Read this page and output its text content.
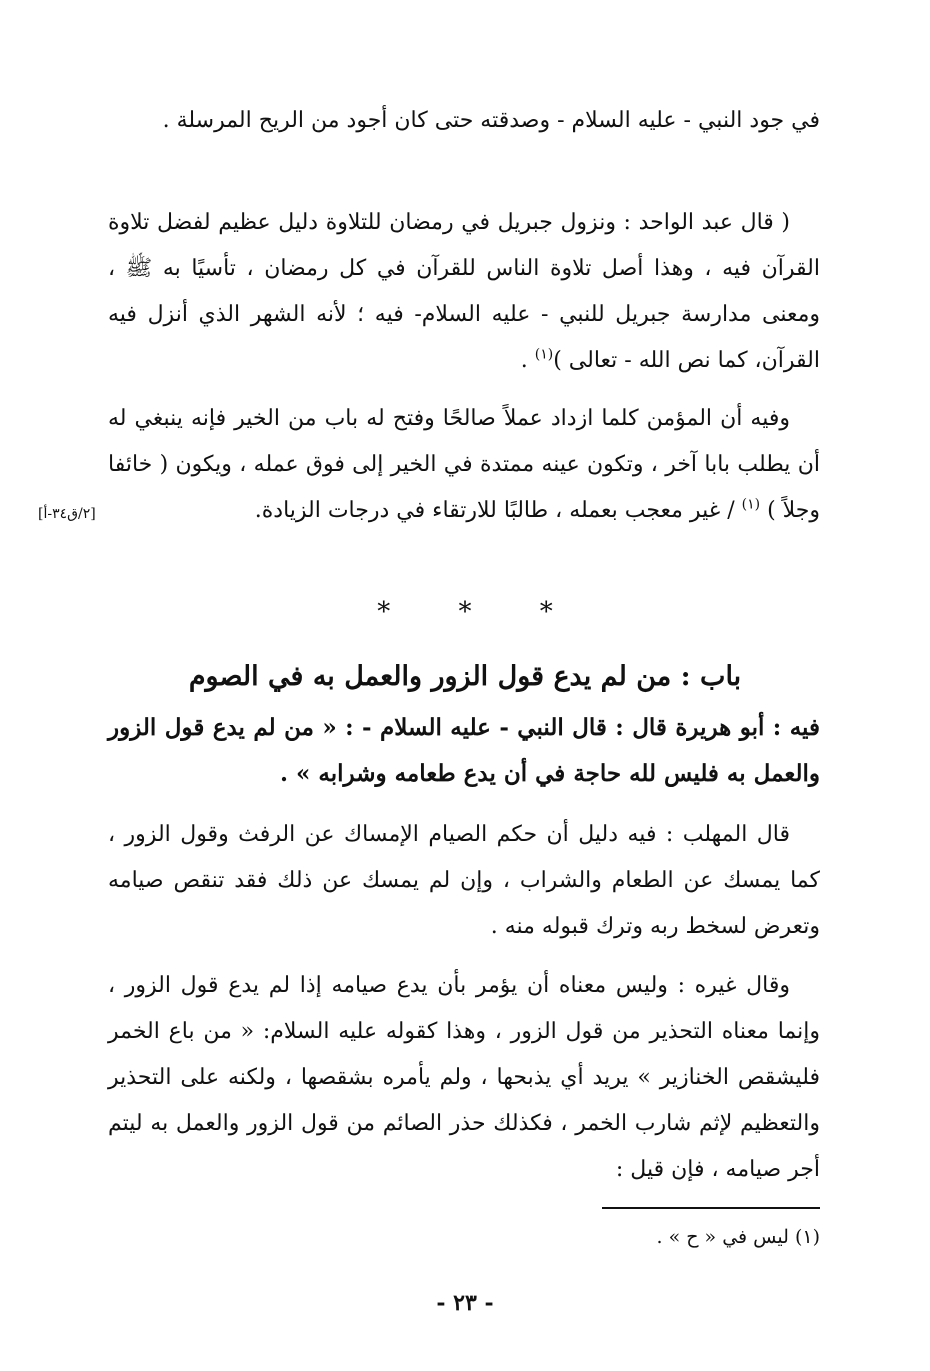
في جود النبي - عليه السلام - وصدقته حتى كان أجود من الريح المرسلة .

( قال عبد الواحد : ونزول جبريل في رمضان للتلاوة دليل عظيم لفضل تلاوة القرآن فيه ، وهذا أصل تلاوة الناس للقرآن في كل رمضان ، تأسيًا به ﷺ ، ومعنى مدارسة جبريل للنبي - عليه السلام- فيه ؛ لأنه الشهر الذي أنزل فيه القرآن، كما نص الله - تعالى )$^{(١)}$ .

وفيه أن المؤمن كلما ازداد عملاً صالحًا وفتح له باب من الخير فإنه ينبغي له أن يطلب بابا آخر ، وتكون عينه ممتدة في الخير إلى فوق عمله ، ويكون ( خائفا وجلاً ) $^{(١)}$ / غير معجب بعمله ، طالبًا للارتقاء في درجات الزيادة.

[٢/ق٣٤-أ]
* * *
باب : من لم يدع قول الزور والعمل به في الصوم

فيه : أبو هريرة قال : قال النبي - عليه السلام - : « من لم يدع قول الزور والعمل به فليس لله حاجة في أن يدع طعامه وشرابه » .

قال المهلب : فيه دليل أن حكم الصيام الإمساك عن الرفث وقول الزور ، كما يمسك عن الطعام والشراب ، وإن لم يمسك عن ذلك فقد تنقص صيامه وتعرض لسخط ربه وترك قبوله منه .

وقال غيره : وليس معناه أن يؤمر بأن يدع صيامه إذا لم يدع قول الزور ، وإنما معناه التحذير من قول الزور ، وهذا كقوله عليه السلام: « من باع الخمر فليشقص الخنازير » يريد أي يذبحها ، ولم يأمره بشقصها ، ولكنه على التحذير والتعظيم لإثم شارب الخمر ، فكذلك حذر الصائم من قول الزور والعمل به ليتم أجر صيامه ، فإن قيل :

(١) ليس في « ح » .
- ٢٣ -
